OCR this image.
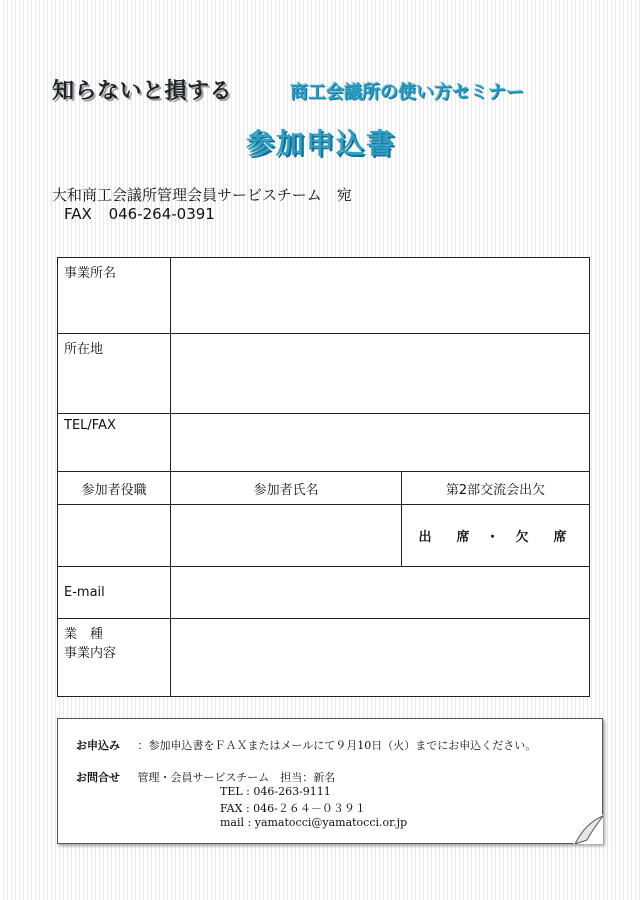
知らないと損する	商工会議所の使い方セミナー
参加申込書
大和商工会議所管理会員サービスチーム　宛
FAX 046-264-0391
事業所名		
所在地		
TEL/FAX		
参加者役職	参加者氏名	第2部交流会出欠
		出　席 ・ 欠　席
E-mail		

業　種
事業内容		

お申込み ：参加申込書をＦＡＸまたはメールにて９月10日（火）までにお申込ください。
お問合せ 管理・会員サービスチーム　担当：新名
TEL : 046-263-9111
FAX : 046-２６４－０３９１
mail : yamatocci@yamatocci.or.jp
